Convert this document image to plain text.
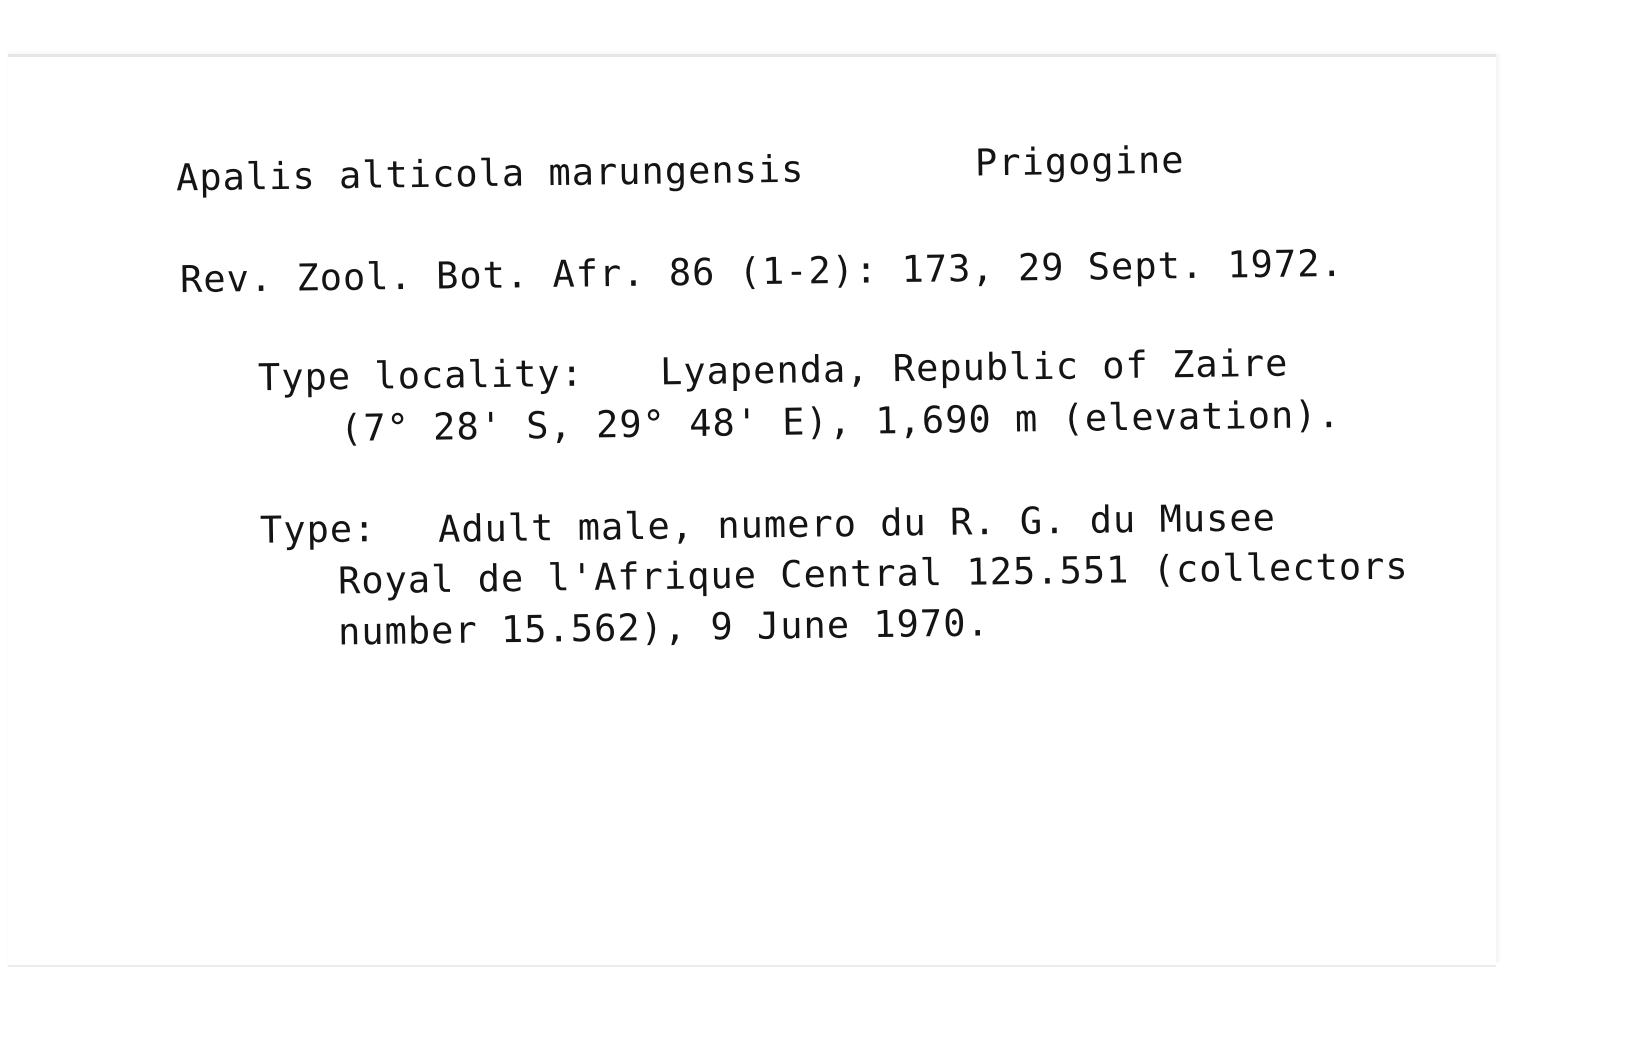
Apalis alticola marungensis	Prigogine

Rev. Zool. Bot. Afr. 86 (1-2): 173, 29 Sept. 1972.

Type locality: Lyapenda, Republic of Zaire

(7° 28' S, 29° 48' E), 1,690 m (elevation).

Type: Adult male, numero du R. G. du Musee

Royal de l'Afrique Central 125.551 (collectors

number 15.562), 9 June 1970.
